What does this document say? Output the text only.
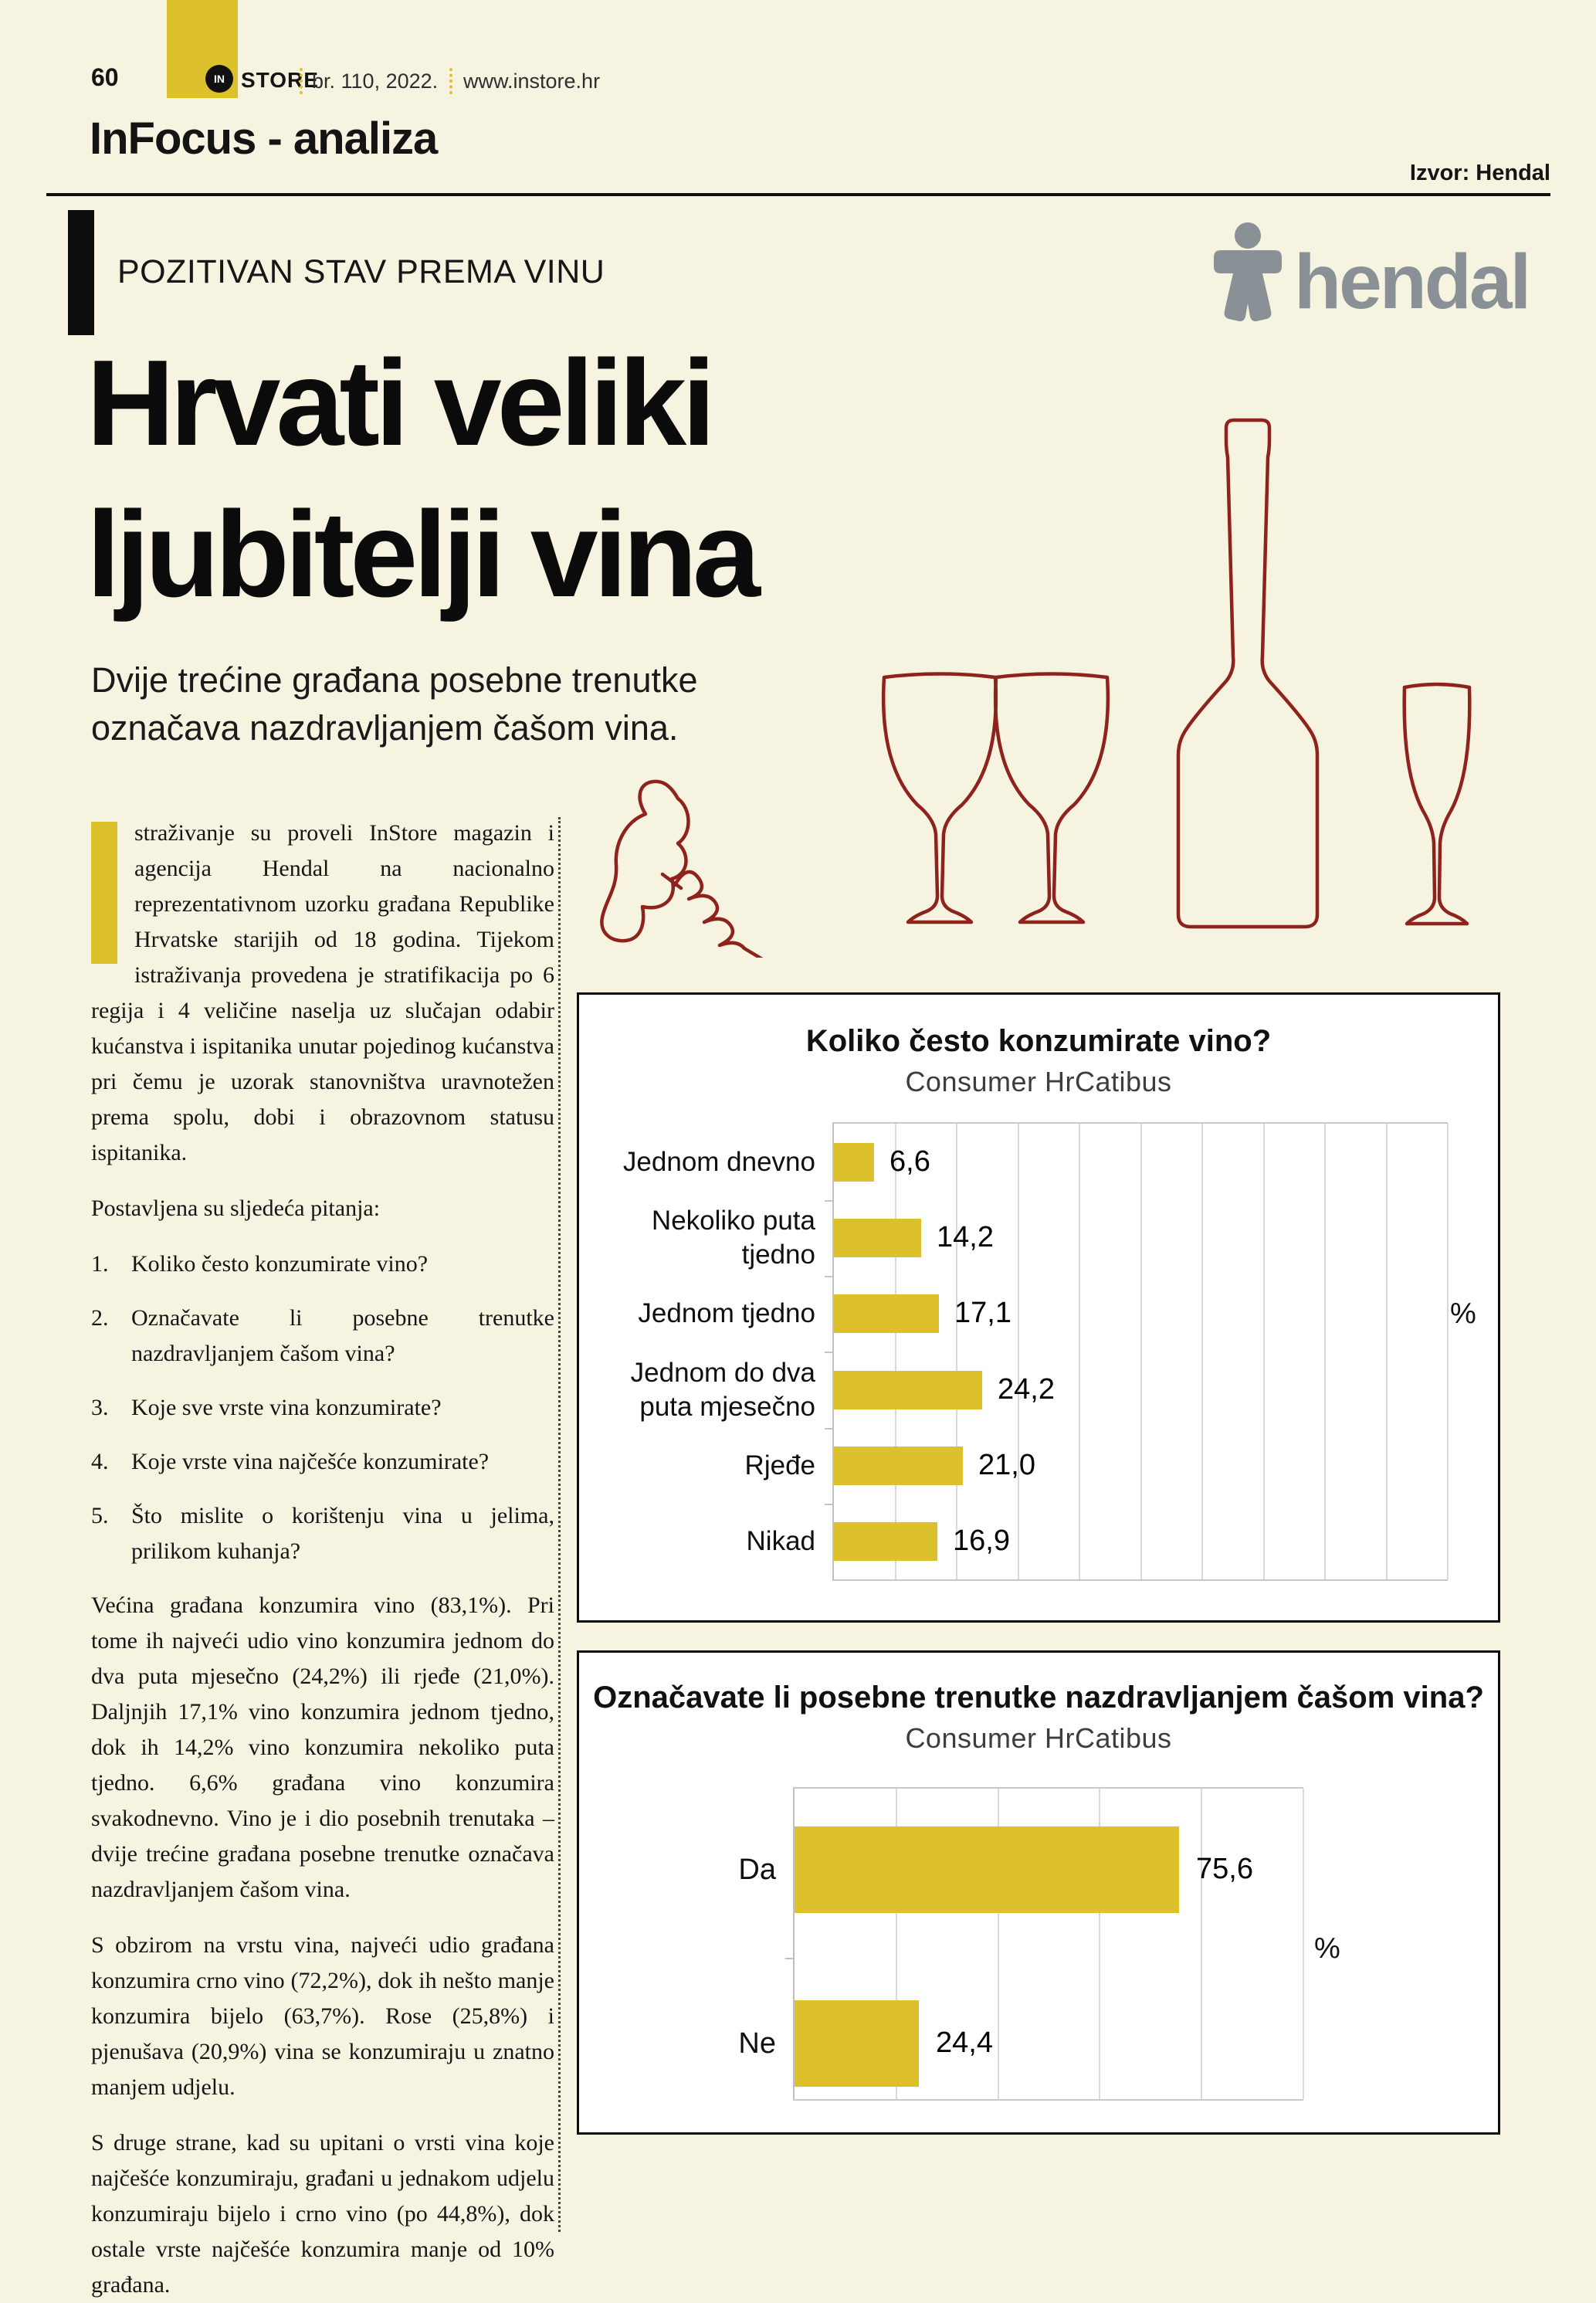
60	IN STORE
br. 110, 2022. www.instore.hr
InFocus - analiza
Izvor: Hendal
POZITIVAN STAV PREMA VINU	hendal
Hrvati veliki
ljubitelji vina
Dvije trećine građana posebne trenutke označava nazdravljanjem čašom vina.

straživanje su proveli InStore magazin i agencija Hendal na nacionalno reprezentativnom uzorku građana Republike Hrvatske starijih od 18 godina. Tijekom istraživanja provedena je stratifikacija po 6 regija i 4 veličine naselja uz slučajan odabir kućanstva i ispitanika unutar pojedinog kućanstva pri čemu je uzorak stanovništva uravnotežen prema spolu, dobi i obrazovnom statusu ispitanika.

Postavljena su sljedeća pitanja:

1. Koliko često konzumirate vino?
2. Označavate li posebne trenutke nazdravljanjem čašom vina?
3. Koje sve vrste vina konzumirate?
4. Koje vrste vina najčešće konzumirate?
5. Što mislite o korištenju vina u jelima, prilikom kuhanja?

Većina građana konzumira vino (83,1%). Pri tome ih najveći udio vino konzumira jednom do dva puta mjesečno (24,2%) ili rjeđe (21,0%). Daljnjih 17,1% vino konzumira jednom tjedno, dok ih 14,2% vino konzumira nekoliko puta tjedno. 6,6% građana vino konzumira svakodnevno. Vino je i dio posebnih trenutaka – dvije trećine građana posebne trenutke označava nazdravljanjem čašom vina.

S obzirom na vrstu vina, najveći udio građana konzumira crno vino (72,2%), dok ih nešto manje konzumira bijelo (63,7%). Rose (25,8%) i pjenušava (20,9%) vina se konzumiraju u znatno manjem udjelu.

S druge strane, kad su upitani o vrsti vina koje najčešće konzumiraju, građani u jednakom udjelu konzumiraju bijelo i crno vino (po 44,8%), dok ostale vrste najčešće konzumira manje od 10% građana.

Koliko često konzumirate vino?
Consumer HrCatibus
Jednom dnevno	6,6
Nekoliko puta tjedno
14,2
Jednom tjedno	17,1
Jednom do dva puta mjesečno
24,2
Rjeđe	21,0
Nikad	16,9
%
Označavate li posebne trenutke nazdravljanjem čašom vina?
Consumer HrCatibus
Da	75,6
Ne	24,4
%
